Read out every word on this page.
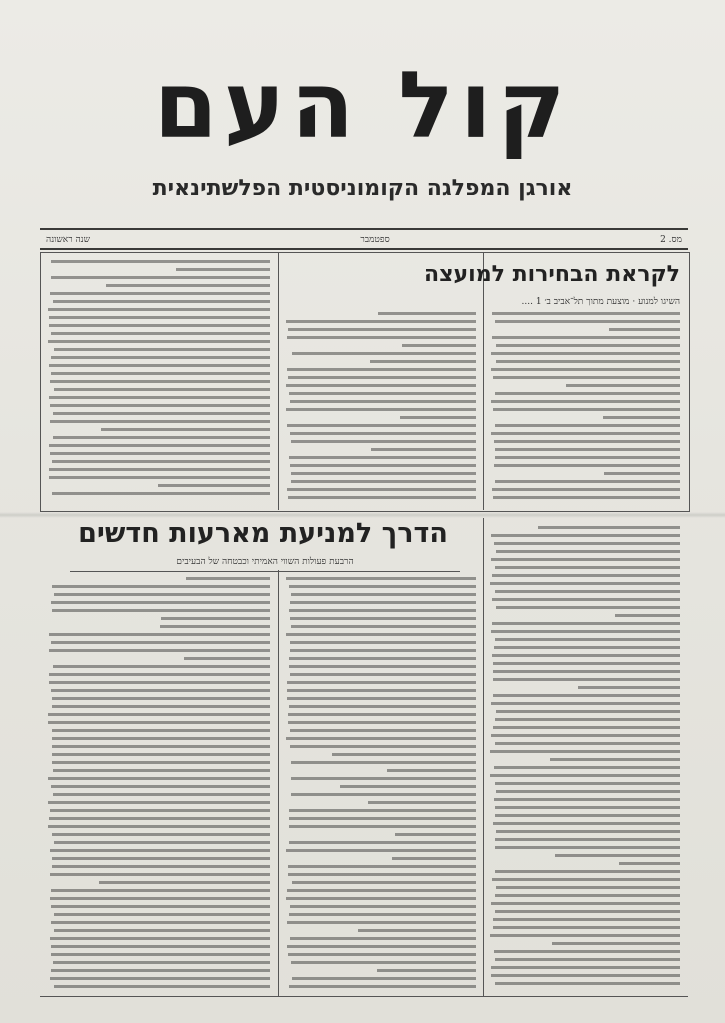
קול העם
אורגן המפלגה הקומוניסטית הפלשתינאית
מס. 2
ספטמבר
שנה ראשונה
לקראת הבחירות למועצה
השיגו למנוע · מוצעת מתוך תל־אביב ב׳ 1 ....
הדרך למניעת מארעות חדשים
הרבעת פעולות השווי האמיתי וכבטחה של הבעיבים
